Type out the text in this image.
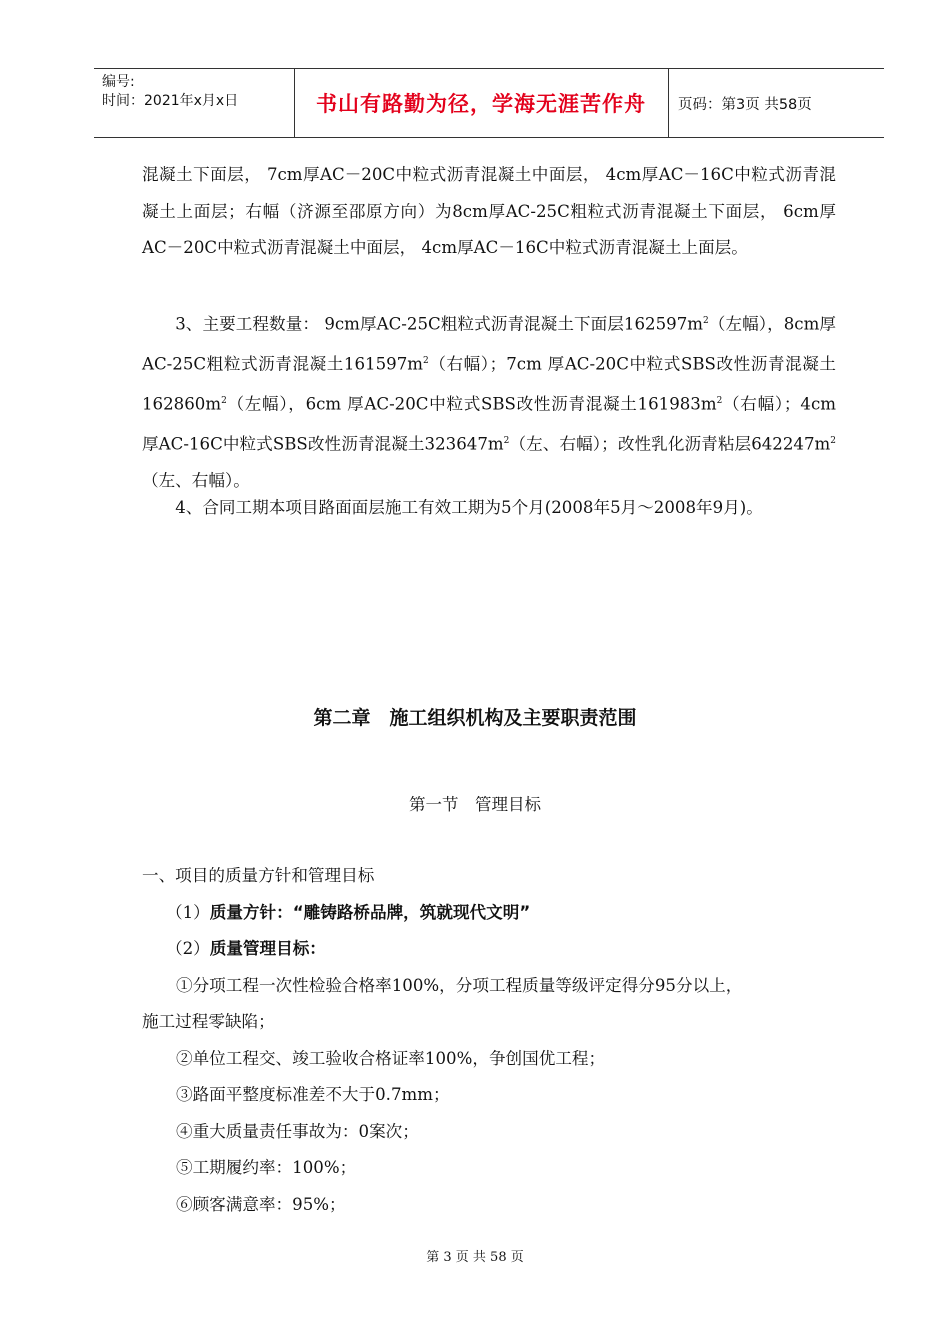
编号:
时间：2021年x月x日	书山有路勤为径，学海无涯苦作舟	页码：第3页 共58页

混凝土下面层， 7cm厚AC－20C中粒式沥青混凝土中面层， 4cm厚AC－16C中粒式沥青混凝土上面层；右幅（济源至邵原方向）为8cm厚AC-25C粗粒式沥青混凝土下面层， 6cm厚AC－20C中粒式沥青混凝土中面层， 4cm厚AC－16C中粒式沥青混凝土上面层。

3、主要工程数量： 9cm厚AC-25C粗粒式沥青混凝土下面层$162597m^2$（左幅），8cm厚AC-25C粗粒式沥青混凝土$161597m^2$（右幅）；7cm 厚AC-20C中粒式SBS改性沥青混凝土$162860m^2$（左幅），6cm 厚AC-20C中粒式SBS改性沥青混凝土$161983m^2$（右幅）；4cm 厚AC-16C中粒式SBS改性沥青混凝土$323647m^2$（左、右幅）；改性乳化沥青粘层$642247m^2$（左、右幅）。

4、合同工期本项目路面面层施工有效工期为5个月(2008年5月～2008年9月)。

第二章　施工组织机构及主要职责范围
第一节　管理目标

一、项目的质量方针和管理目标

（1）质量方针：“雕铸路桥品牌，筑就现代文明”

（2）质量管理目标：

①分项工程一次性检验合格率100%，分项工程质量等级评定得分95分以上，

施工过程零缺陷；

②单位工程交、竣工验收合格证率100%，争创国优工程；

③路面平整度标准差不大于0.7mm；

④重大质量责任事故为：0案次；

⑤工期履约率：100%；

⑥顾客满意率：95%；

第 3 页 共 58 页
